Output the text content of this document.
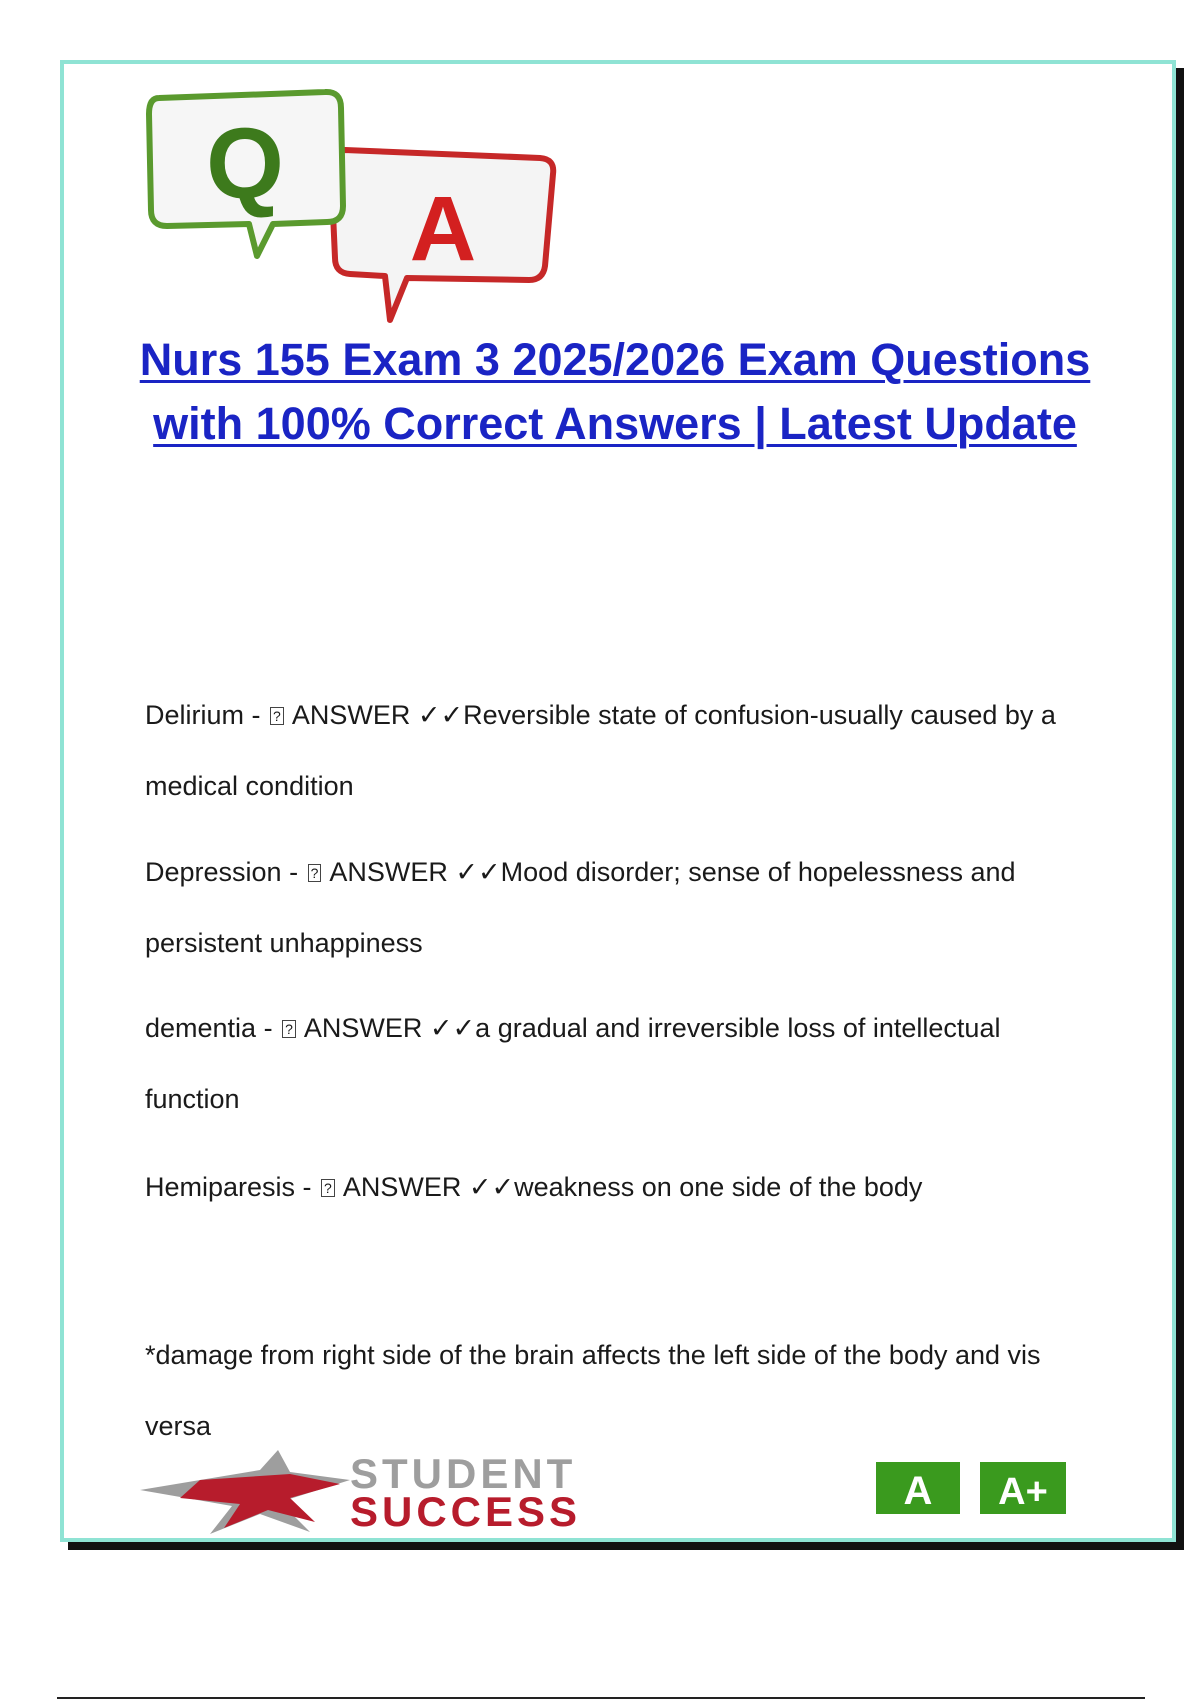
A
Q
Nurs 155 Exam 3 2025/2026 Exam Questions with 100% Correct Answers | Latest Update

Delirium - ? ANSWER ✓✓Reversible state of confusion-usually caused by a medical condition

Depression - ? ANSWER ✓✓Mood disorder; sense of hopelessness and persistent unhappiness

dementia - ? ANSWER ✓✓a gradual and irreversible loss of intellectual function

Hemiparesis - ? ANSWER ✓✓weakness on one side of the body

*damage from right side of the brain affects the left side of the body and vis versa

STUDENT
SUCCESS	A A+
